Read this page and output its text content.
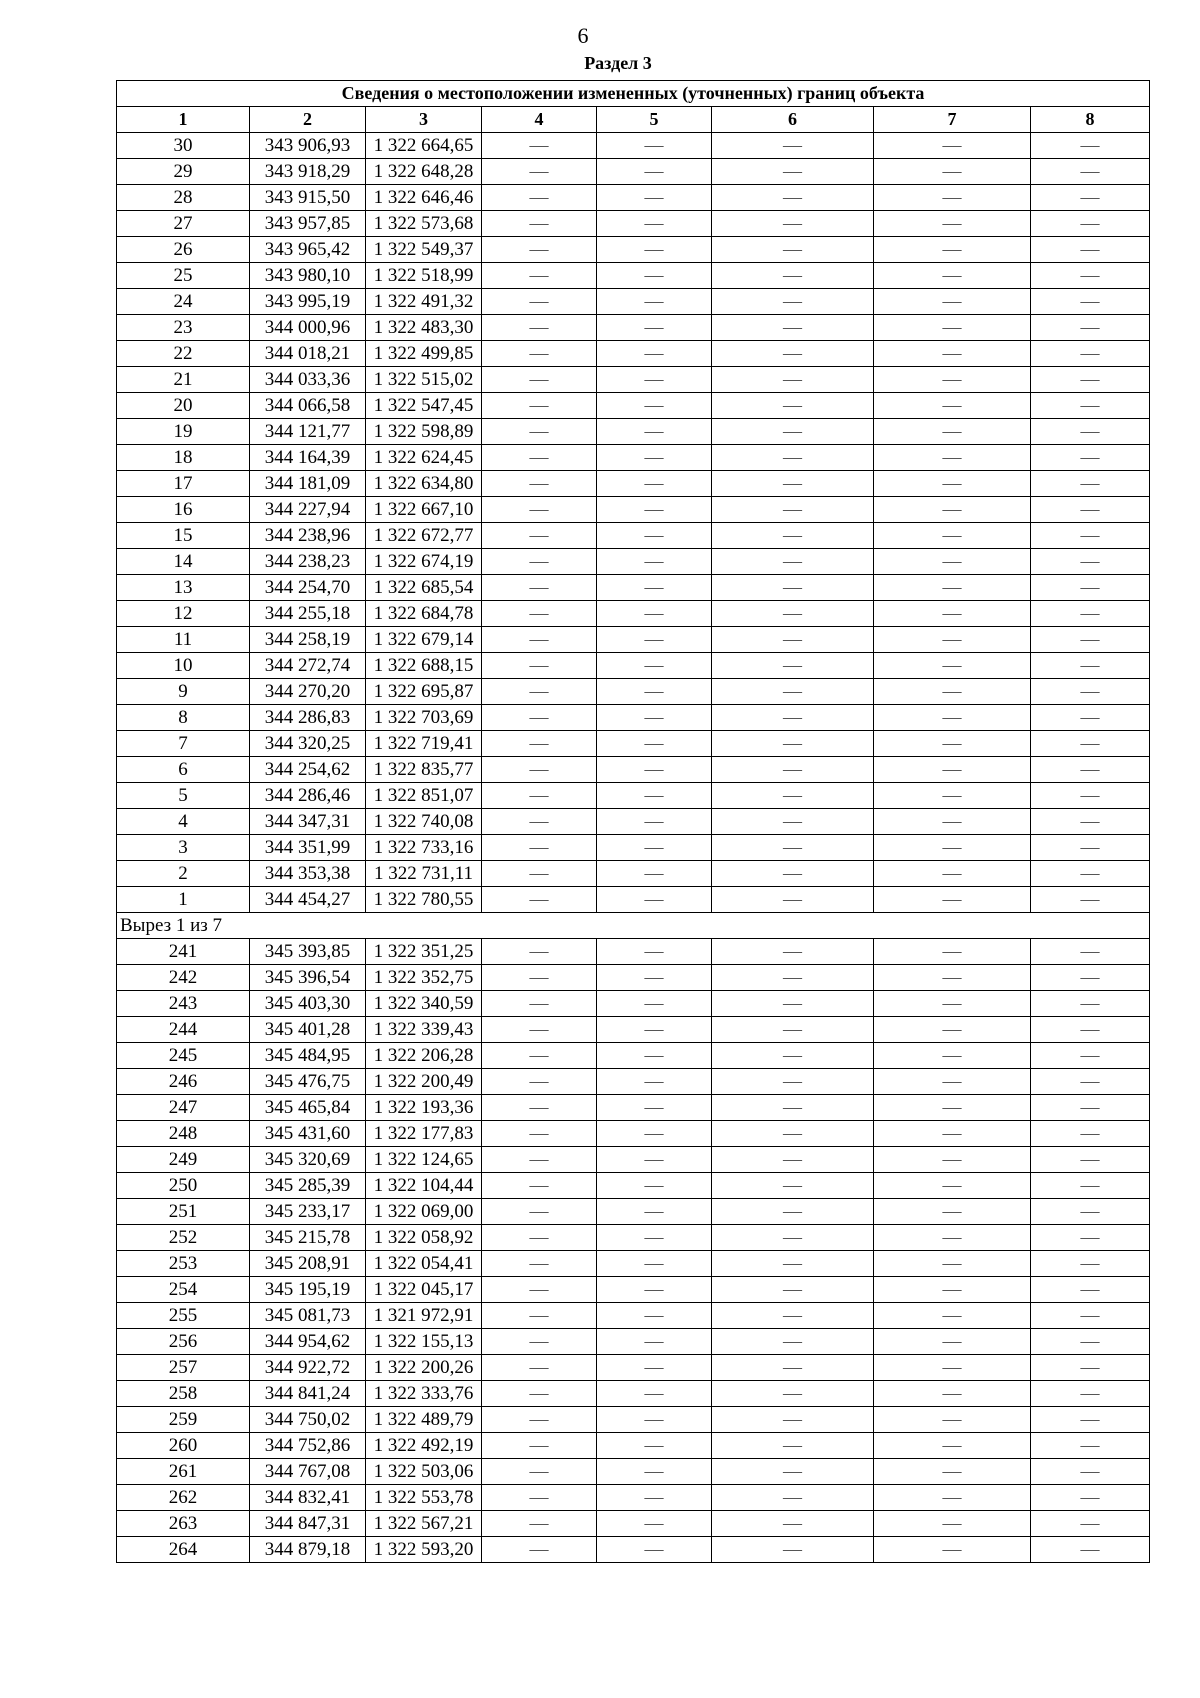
6
Раздел 3
Сведения о местоположении измененных (уточненных) границ объекта							
1	2	3	4	5	6	7	8
30	343 906,93	1 322 664,65	—	—	—	—	—
29	343 918,29	1 322 648,28	—	—	—	—	—
28	343 915,50	1 322 646,46	—	—	—	—	—
27	343 957,85	1 322 573,68	—	—	—	—	—
26	343 965,42	1 322 549,37	—	—	—	—	—
25	343 980,10	1 322 518,99	—	—	—	—	—
24	343 995,19	1 322 491,32	—	—	—	—	—
23	344 000,96	1 322 483,30	—	—	—	—	—
22	344 018,21	1 322 499,85	—	—	—	—	—
21	344 033,36	1 322 515,02	—	—	—	—	—
20	344 066,58	1 322 547,45	—	—	—	—	—
19	344 121,77	1 322 598,89	—	—	—	—	—
18	344 164,39	1 322 624,45	—	—	—	—	—
17	344 181,09	1 322 634,80	—	—	—	—	—
16	344 227,94	1 322 667,10	—	—	—	—	—
15	344 238,96	1 322 672,77	—	—	—	—	—
14	344 238,23	1 322 674,19	—	—	—	—	—
13	344 254,70	1 322 685,54	—	—	—	—	—
12	344 255,18	1 322 684,78	—	—	—	—	—
11	344 258,19	1 322 679,14	—	—	—	—	—
10	344 272,74	1 322 688,15	—	—	—	—	—
9	344 270,20	1 322 695,87	—	—	—	—	—
8	344 286,83	1 322 703,69	—	—	—	—	—
7	344 320,25	1 322 719,41	—	—	—	—	—
6	344 254,62	1 322 835,77	—	—	—	—	—
5	344 286,46	1 322 851,07	—	—	—	—	—
4	344 347,31	1 322 740,08	—	—	—	—	—
3	344 351,99	1 322 733,16	—	—	—	—	—
2	344 353,38	1 322 731,11	—	—	—	—	—
1	344 454,27	1 322 780,55	—	—	—	—	—
Вырез 1 из 7							
241	345 393,85	1 322 351,25	—	—	—	—	—
242	345 396,54	1 322 352,75	—	—	—	—	—
243	345 403,30	1 322 340,59	—	—	—	—	—
244	345 401,28	1 322 339,43	—	—	—	—	—
245	345 484,95	1 322 206,28	—	—	—	—	—
246	345 476,75	1 322 200,49	—	—	—	—	—
247	345 465,84	1 322 193,36	—	—	—	—	—
248	345 431,60	1 322 177,83	—	—	—	—	—
249	345 320,69	1 322 124,65	—	—	—	—	—
250	345 285,39	1 322 104,44	—	—	—	—	—
251	345 233,17	1 322 069,00	—	—	—	—	—
252	345 215,78	1 322 058,92	—	—	—	—	—
253	345 208,91	1 322 054,41	—	—	—	—	—
254	345 195,19	1 322 045,17	—	—	—	—	—
255	345 081,73	1 321 972,91	—	—	—	—	—
256	344 954,62	1 322 155,13	—	—	—	—	—
257	344 922,72	1 322 200,26	—	—	—	—	—
258	344 841,24	1 322 333,76	—	—	—	—	—
259	344 750,02	1 322 489,79	—	—	—	—	—
260	344 752,86	1 322 492,19	—	—	—	—	—
261	344 767,08	1 322 503,06	—	—	—	—	—
262	344 832,41	1 322 553,78	—	—	—	—	—
263	344 847,31	1 322 567,21	—	—	—	—	—
264	344 879,18	1 322 593,20	—	—	—	—	—
